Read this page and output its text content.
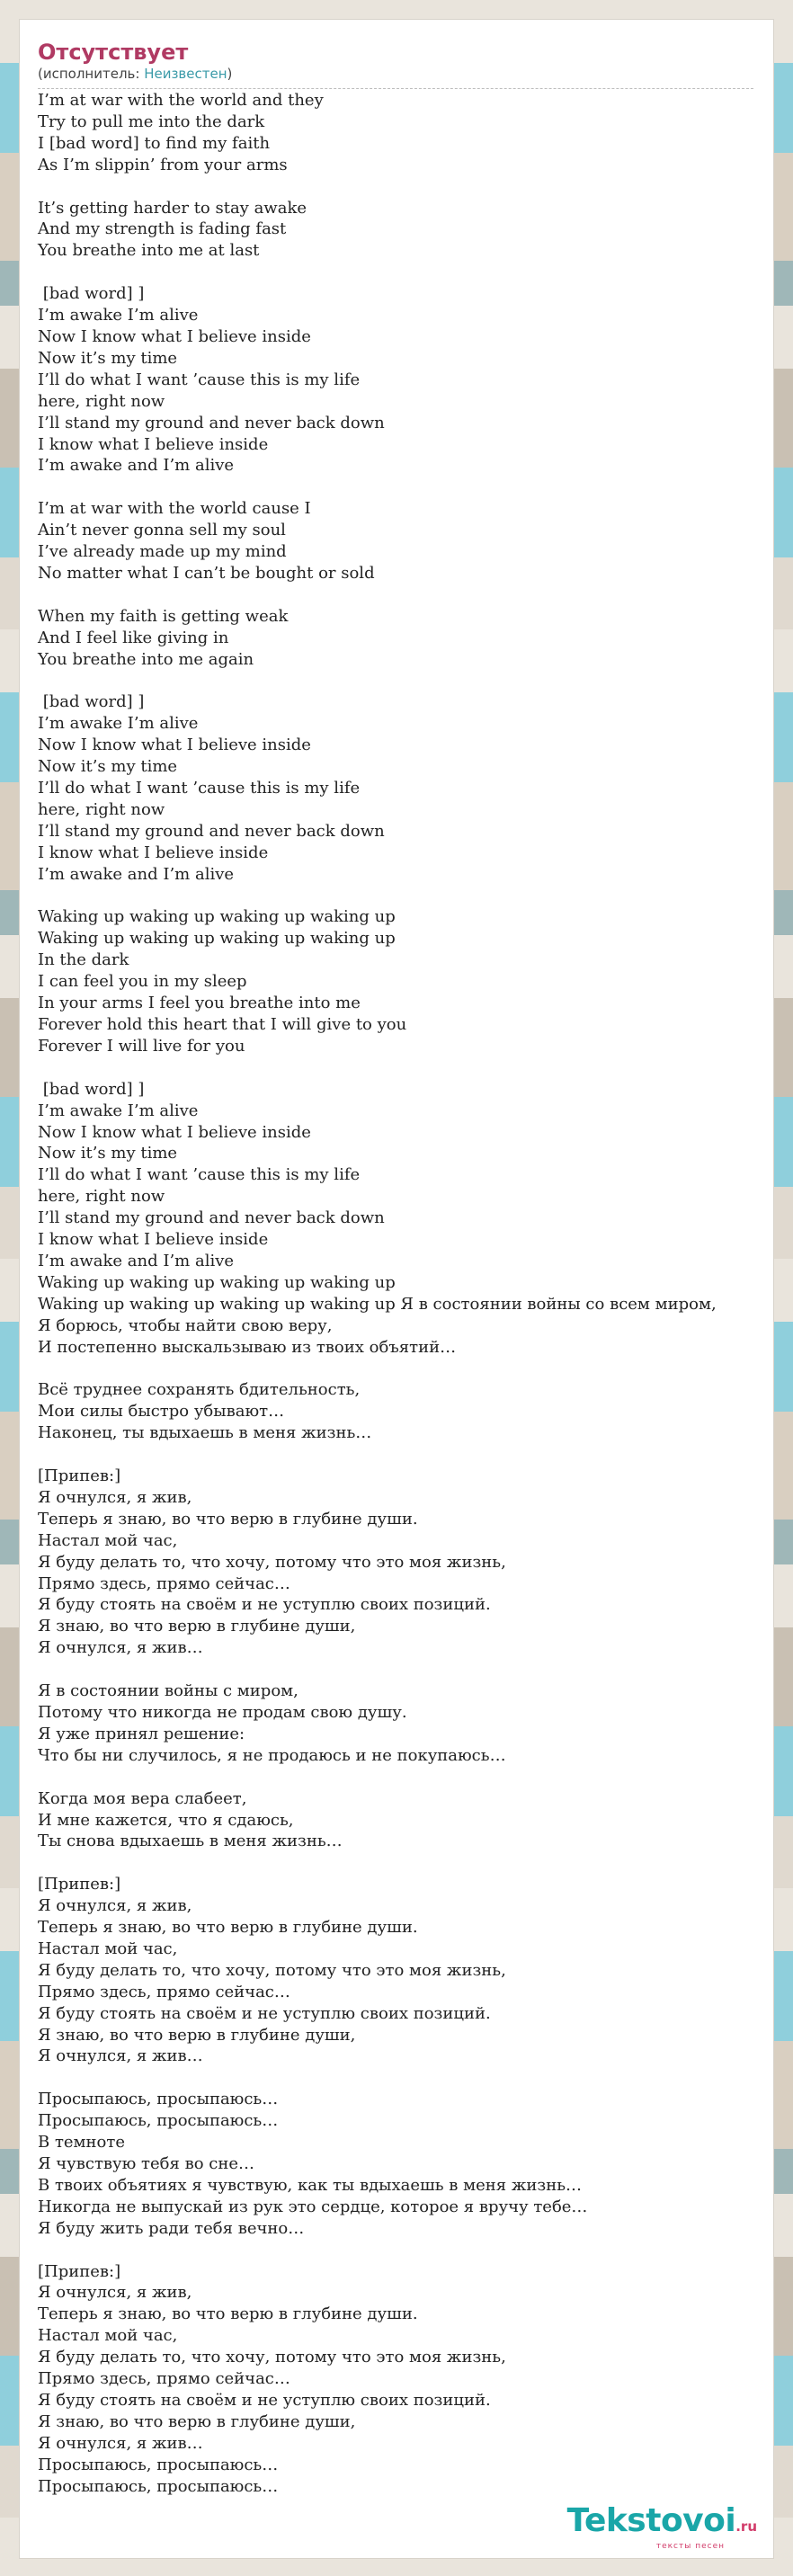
Отсутствует
(исполнитель: Неизвестен)
I’m at war with the world and they
Try to pull me into the dark
I [bad word] to find my faith
As I’m slippin’ from your arms

It’s getting harder to stay awake
And my strength is fading fast
You breathe into me at last

[bad word] ]
I’m awake I’m alive
Now I know what I believe inside
Now it’s my time
I’ll do what I want ’cause this is my life
here, right now
I’ll stand my ground and never back down
I know what I believe inside
I’m awake and I’m alive

I’m at war with the world cause I
Ain’t never gonna sell my soul
I’ve already made up my mind
No matter what I can’t be bought or sold

When my faith is getting weak
And I feel like giving in
You breathe into me again

[bad word] ]
I’m awake I’m alive
Now I know what I believe inside
Now it’s my time
I’ll do what I want ’cause this is my life
here, right now
I’ll stand my ground and never back down
I know what I believe inside
I’m awake and I’m alive

Waking up waking up waking up waking up
Waking up waking up waking up waking up
In the dark
I can feel you in my sleep
In your arms I feel you breathe into me
Forever hold this heart that I will give to you
Forever I will live for you

[bad word] ]
I’m awake I’m alive
Now I know what I believe inside
Now it’s my time
I’ll do what I want ’cause this is my life
here, right now
I’ll stand my ground and never back down
I know what I believe inside
I’m awake and I’m alive
Waking up waking up waking up waking up
Waking up waking up waking up waking up Я в состоянии войны со всем миром,
Я борюсь, чтобы найти свою веру,
И постепенно выскальзываю из твоих объятий…

Всё труднее сохранять бдительность,
Мои силы быстро убывают…
Наконец, ты вдыхаешь в меня жизнь…

[Припев:]
Я очнулся, я жив,
Теперь я знаю, во что верю в глубине души.
Настал мой час,
Я буду делать то, что хочу, потому что это моя жизнь,
Прямо здесь, прямо сейчас…
Я буду стоять на своём и не уступлю своих позиций.
Я знаю, во что верю в глубине души,
Я очнулся, я жив…

Я в состоянии войны с миром,
Потому что никогда не продам свою душу.
Я уже принял решение:
Что бы ни случилось, я не продаюсь и не покупаюсь…

Когда моя вера слабеет,
И мне кажется, что я сдаюсь,
Ты снова вдыхаешь в меня жизнь…

[Припев:]
Я очнулся, я жив,
Теперь я знаю, во что верю в глубине души.
Настал мой час,
Я буду делать то, что хочу, потому что это моя жизнь,
Прямо здесь, прямо сейчас…
Я буду стоять на своём и не уступлю своих позиций.
Я знаю, во что верю в глубине души,
Я очнулся, я жив…

Просыпаюсь, просыпаюсь…
Просыпаюсь, просыпаюсь…
В темноте
Я чувствую тебя во сне…
В твоих объятиях я чувствую, как ты вдыхаешь в меня жизнь…
Никогда не выпускай из рук это сердце, которое я вручу тебе…
Я буду жить ради тебя вечно…

[Припев:]
Я очнулся, я жив,
Теперь я знаю, во что верю в глубине души.
Настал мой час,
Я буду делать то, что хочу, потому что это моя жизнь,
Прямо здесь, прямо сейчас…
Я буду стоять на своём и не уступлю своих позиций.
Я знаю, во что верю в глубине души,
Я очнулся, я жив…
Просыпаюсь, просыпаюсь…
Просыпаюсь, просыпаюсь…
Tekstovoi.ru
тексты песен
